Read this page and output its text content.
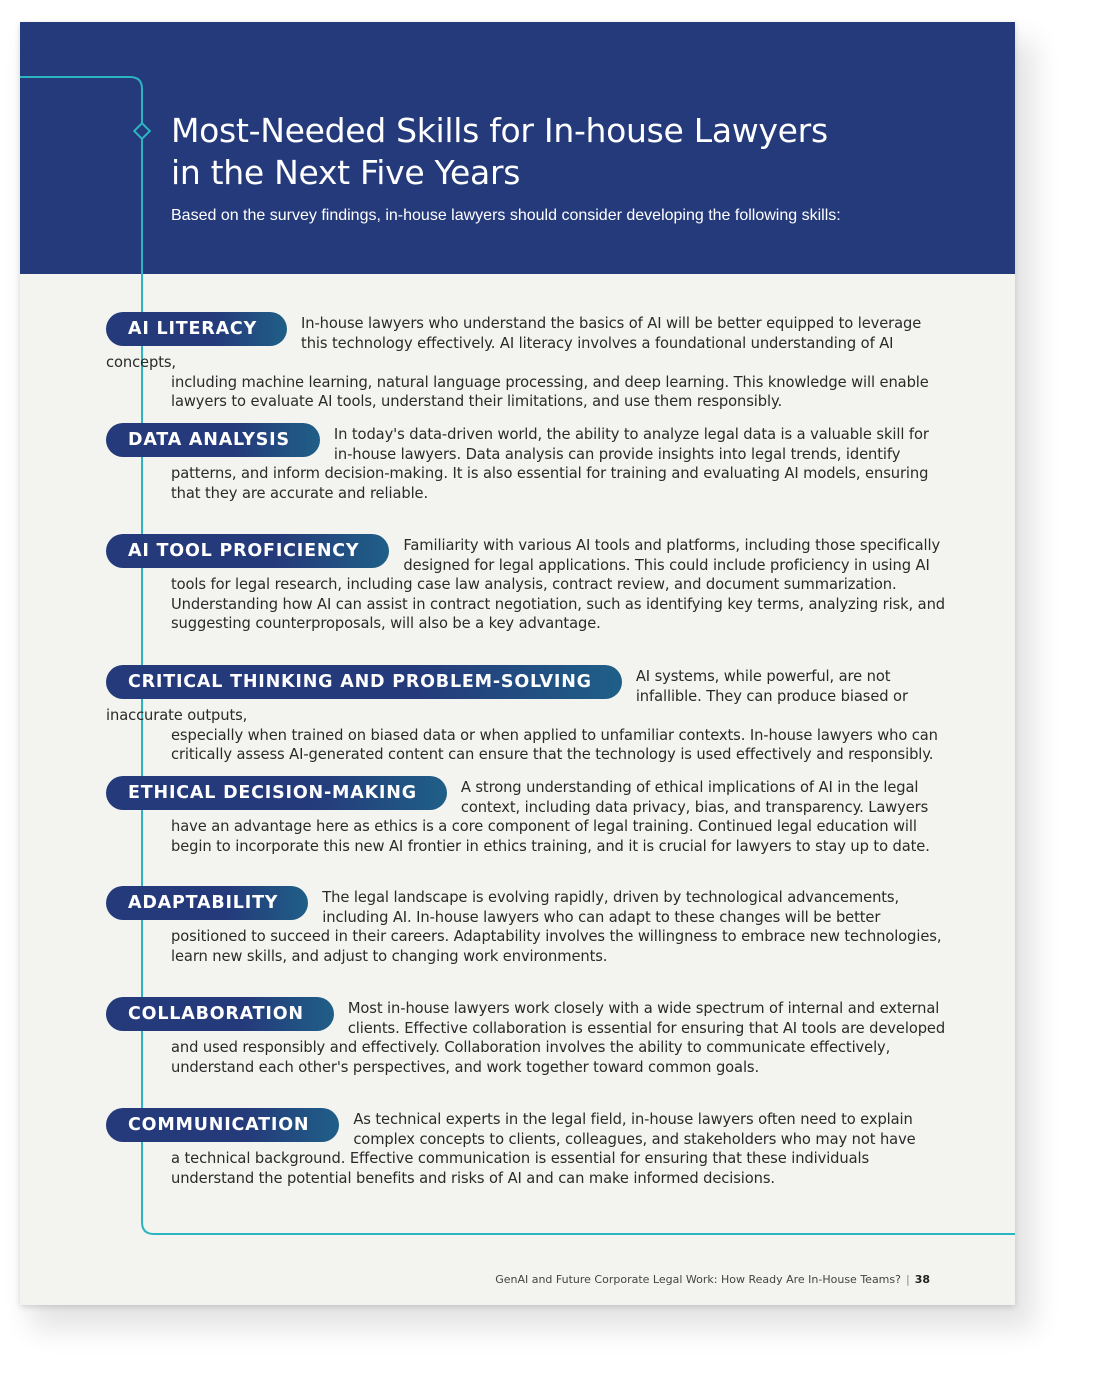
Most-Needed Skills for In-house Lawyers
in the Next Five Years

Based on the survey findings, in-house lawyers should consider developing the following skills:

AI LITERACY	In-house lawyers who understand the basics of AI will be better equipped to leverage this technology effectively. AI literacy involves a foundational understanding of AI concepts,
including machine learning, natural language processing, and deep learning. This knowledge will enable lawyers to evaluate AI tools, understand their limitations, and use them responsibly.
DATA ANALYSIS	In today's data-driven world, the ability to analyze legal data is a valuable skill for in-house lawyers. Data analysis can provide insights into legal trends, identify
patterns, and inform decision-making. It is also essential for training and evaluating AI models, ensuring that they are accurate and reliable.
AI TOOL PROFICIENCY	Familiarity with various AI tools and platforms, including those specifically designed for legal applications. This could include proficiency in using AI
tools for legal research, including case law analysis, contract review, and document summarization. Understanding how AI can assist in contract negotiation, such as identifying key terms, analyzing risk, and suggesting counterproposals, will also be a key advantage.
CRITICAL THINKING AND PROBLEM-SOLVING	AI systems, while powerful, are not infallible. They can produce biased or inaccurate outputs,
especially when trained on biased data or when applied to unfamiliar contexts. In-house lawyers who can critically assess AI-generated content can ensure that the technology is used effectively and responsibly.
ETHICAL DECISION-MAKING	A strong understanding of ethical implications of AI in the legal context, including data privacy, bias, and transparency. Lawyers
have an advantage here as ethics is a core component of legal training. Continued legal education will begin to incorporate this new AI frontier in ethics training, and it is crucial for lawyers to stay up to date.
ADAPTABILITY	The legal landscape is evolving rapidly, driven by technological advancements, including AI. In-house lawyers who can adapt to these changes will be better
positioned to succeed in their careers. Adaptability involves the willingness to embrace new technologies, learn new skills, and adjust to changing work environments.
COLLABORATION	Most in-house lawyers work closely with a wide spectrum of internal and external clients. Effective collaboration is essential for ensuring that AI tools are developed
and used responsibly and effectively. Collaboration involves the ability to communicate effectively, understand each other's perspectives, and work together toward common goals.
COMMUNICATION	As technical experts in the legal field, in-house lawyers often need to explain complex concepts to clients, colleagues, and stakeholders who may not have
a technical background. Effective communication is essential for ensuring that these individuals understand the potential benefits and risks of AI and can make informed decisions.
GenAI and Future Corporate Legal Work: How Ready Are In-House Teams? | 38
